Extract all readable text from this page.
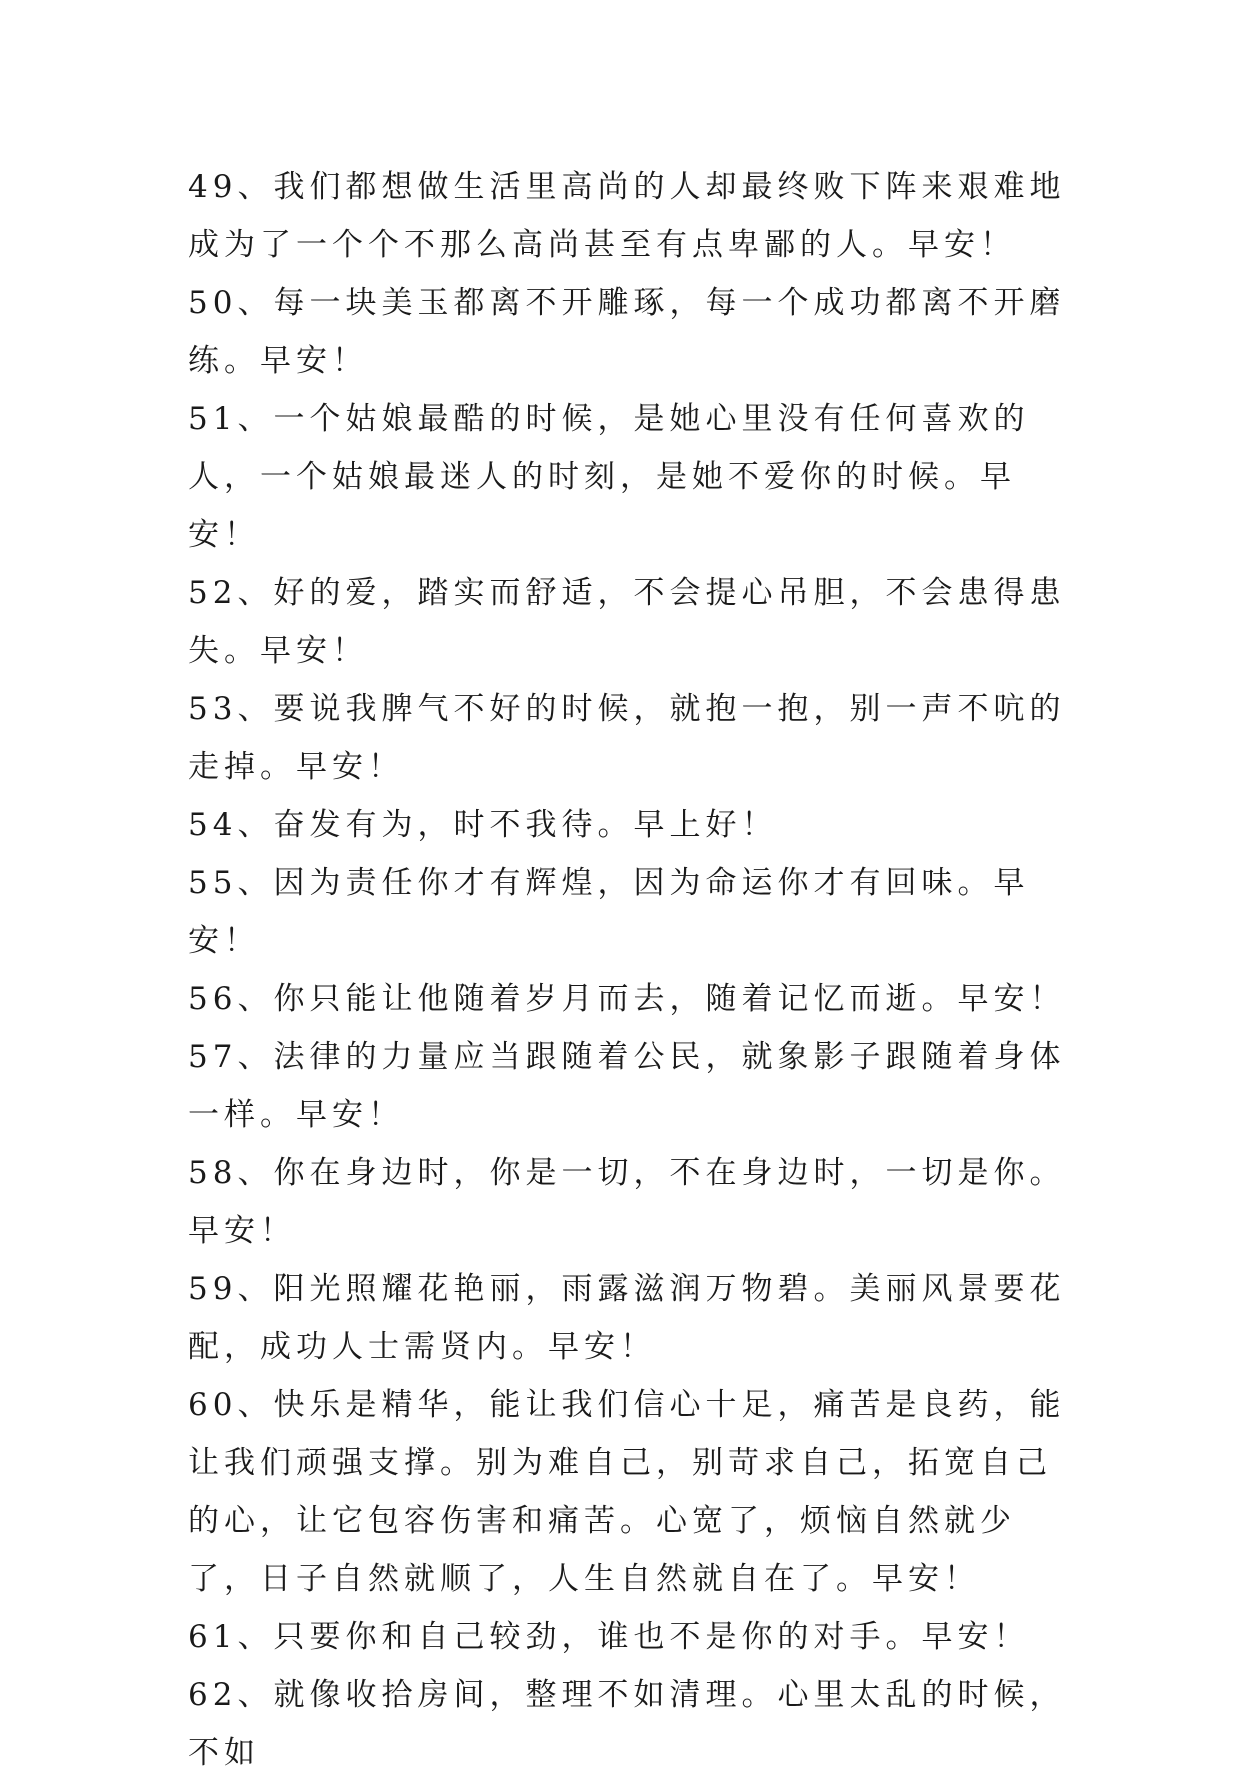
49、我们都想做生活里高尚的人却最终败下阵来艰难地成为了一个个不那么高尚甚至有点卑鄙的人。早安！

50、每一块美玉都离不开雕琢，每一个成功都离不开磨练。早安！

51、一个姑娘最酷的时候，是她心里没有任何喜欢的人，一个姑娘最迷人的时刻，是她不爱你的时候。早安！

52、好的爱，踏实而舒适，不会提心吊胆，不会患得患失。早安！

53、要说我脾气不好的时候，就抱一抱，别一声不吭的走掉。早安！

54、奋发有为，时不我待。早上好！

55、因为责任你才有辉煌，因为命运你才有回味。早安！

56、你只能让他随着岁月而去，随着记忆而逝。早安！

57、法律的力量应当跟随着公民，就象影子跟随着身体一样。早安！

58、你在身边时，你是一切，不在身边时，一切是你。早安！

59、阳光照耀花艳丽，雨露滋润万物碧。美丽风景要花配，成功人士需贤内。早安！

60、快乐是精华，能让我们信心十足，痛苦是良药，能让我们顽强支撑。别为难自己，别苛求自己，拓宽自己的心，让它包容伤害和痛苦。心宽了，烦恼自然就少了，日子自然就顺了，人生自然就自在了。早安！

61、只要你和自己较劲，谁也不是你的对手。早安！

62、就像收拾房间，整理不如清理。心里太乱的时候，不如
